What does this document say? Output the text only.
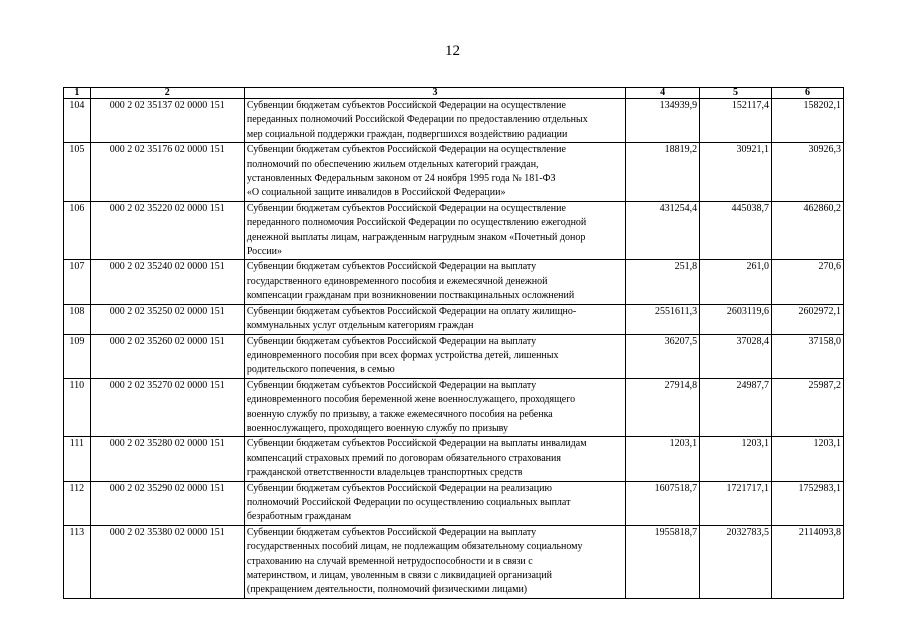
12
1	2	3	4	5	6
104	000 2 02 35137 02 0000 151	Субвенции бюджетам субъектов Российской Федерации на осуществление
переданных полномочий Российской Федерации по предоставлению отдельных
мер социальной поддержки граждан, подвергшихся воздействию радиации	134939,9	152117,4	158202,1
105	000 2 02 35176 02 0000 151	Субвенции бюджетам субъектов Российской Федерации на осуществление
полномочий по обеспечению жильем отдельных категорий граждан,
установленных Федеральным законом от 24 ноября 1995 года № 181-ФЗ
«О социальной защите инвалидов в Российской Федерации»	18819,2	30921,1	30926,3
106	000 2 02 35220 02 0000 151	Субвенции бюджетам субъектов Российской Федерации на осуществление
переданного полномочия Российской Федерации по осуществлению ежегодной
денежной выплаты лицам, награжденным нагрудным знаком «Почетный донор
России»	431254,4	445038,7	462860,2
107	000 2 02 35240 02 0000 151	Субвенции бюджетам субъектов Российской Федерации на выплату
государственного единовременного пособия и ежемесячной денежной
компенсации гражданам при возникновении поствакцинальных осложнений	251,8	261,0	270,6
108	000 2 02 35250 02 0000 151	Субвенции бюджетам субъектов Российской Федерации на оплату жилищно-
коммунальных услуг отдельным категориям граждан	2551611,3	2603119,6	2602972,1
109	000 2 02 35260 02 0000 151	Субвенции бюджетам субъектов Российской Федерации на выплату
единовременного пособия при всех формах устройства детей, лишенных
родительского попечения, в семью	36207,5	37028,4	37158,0
110	000 2 02 35270 02 0000 151	Субвенции бюджетам субъектов Российской Федерации на выплату
единовременного пособия беременной жене военнослужащего, проходящего
военную службу по призыву, а также ежемесячного пособия на ребенка
военнослужащего, проходящего военную службу по призыву	27914,8	24987,7	25987,2
111	000 2 02 35280 02 0000 151	Субвенции бюджетам субъектов Российской Федерации на выплаты инвалидам
компенсаций страховых премий по договорам обязательного страхования
гражданской ответственности владельцев транспортных средств	1203,1	1203,1	1203,1
112	000 2 02 35290 02 0000 151	Субвенции бюджетам субъектов Российской Федерации на реализацию
полномочий Российской Федерации по осуществлению социальных выплат
безработным гражданам	1607518,7	1721717,1	1752983,1
113	000 2 02 35380 02 0000 151	Субвенции бюджетам субъектов Российской Федерации на выплату
государственных пособий лицам, не подлежащим обязательному социальному
страхованию на случай временной нетрудоспособности и в связи с
материнством, и лицам, уволенным в связи с ликвидацией организаций
(прекращением деятельности, полномочий физическими лицами)	1955818,7	2032783,5	2114093,8
